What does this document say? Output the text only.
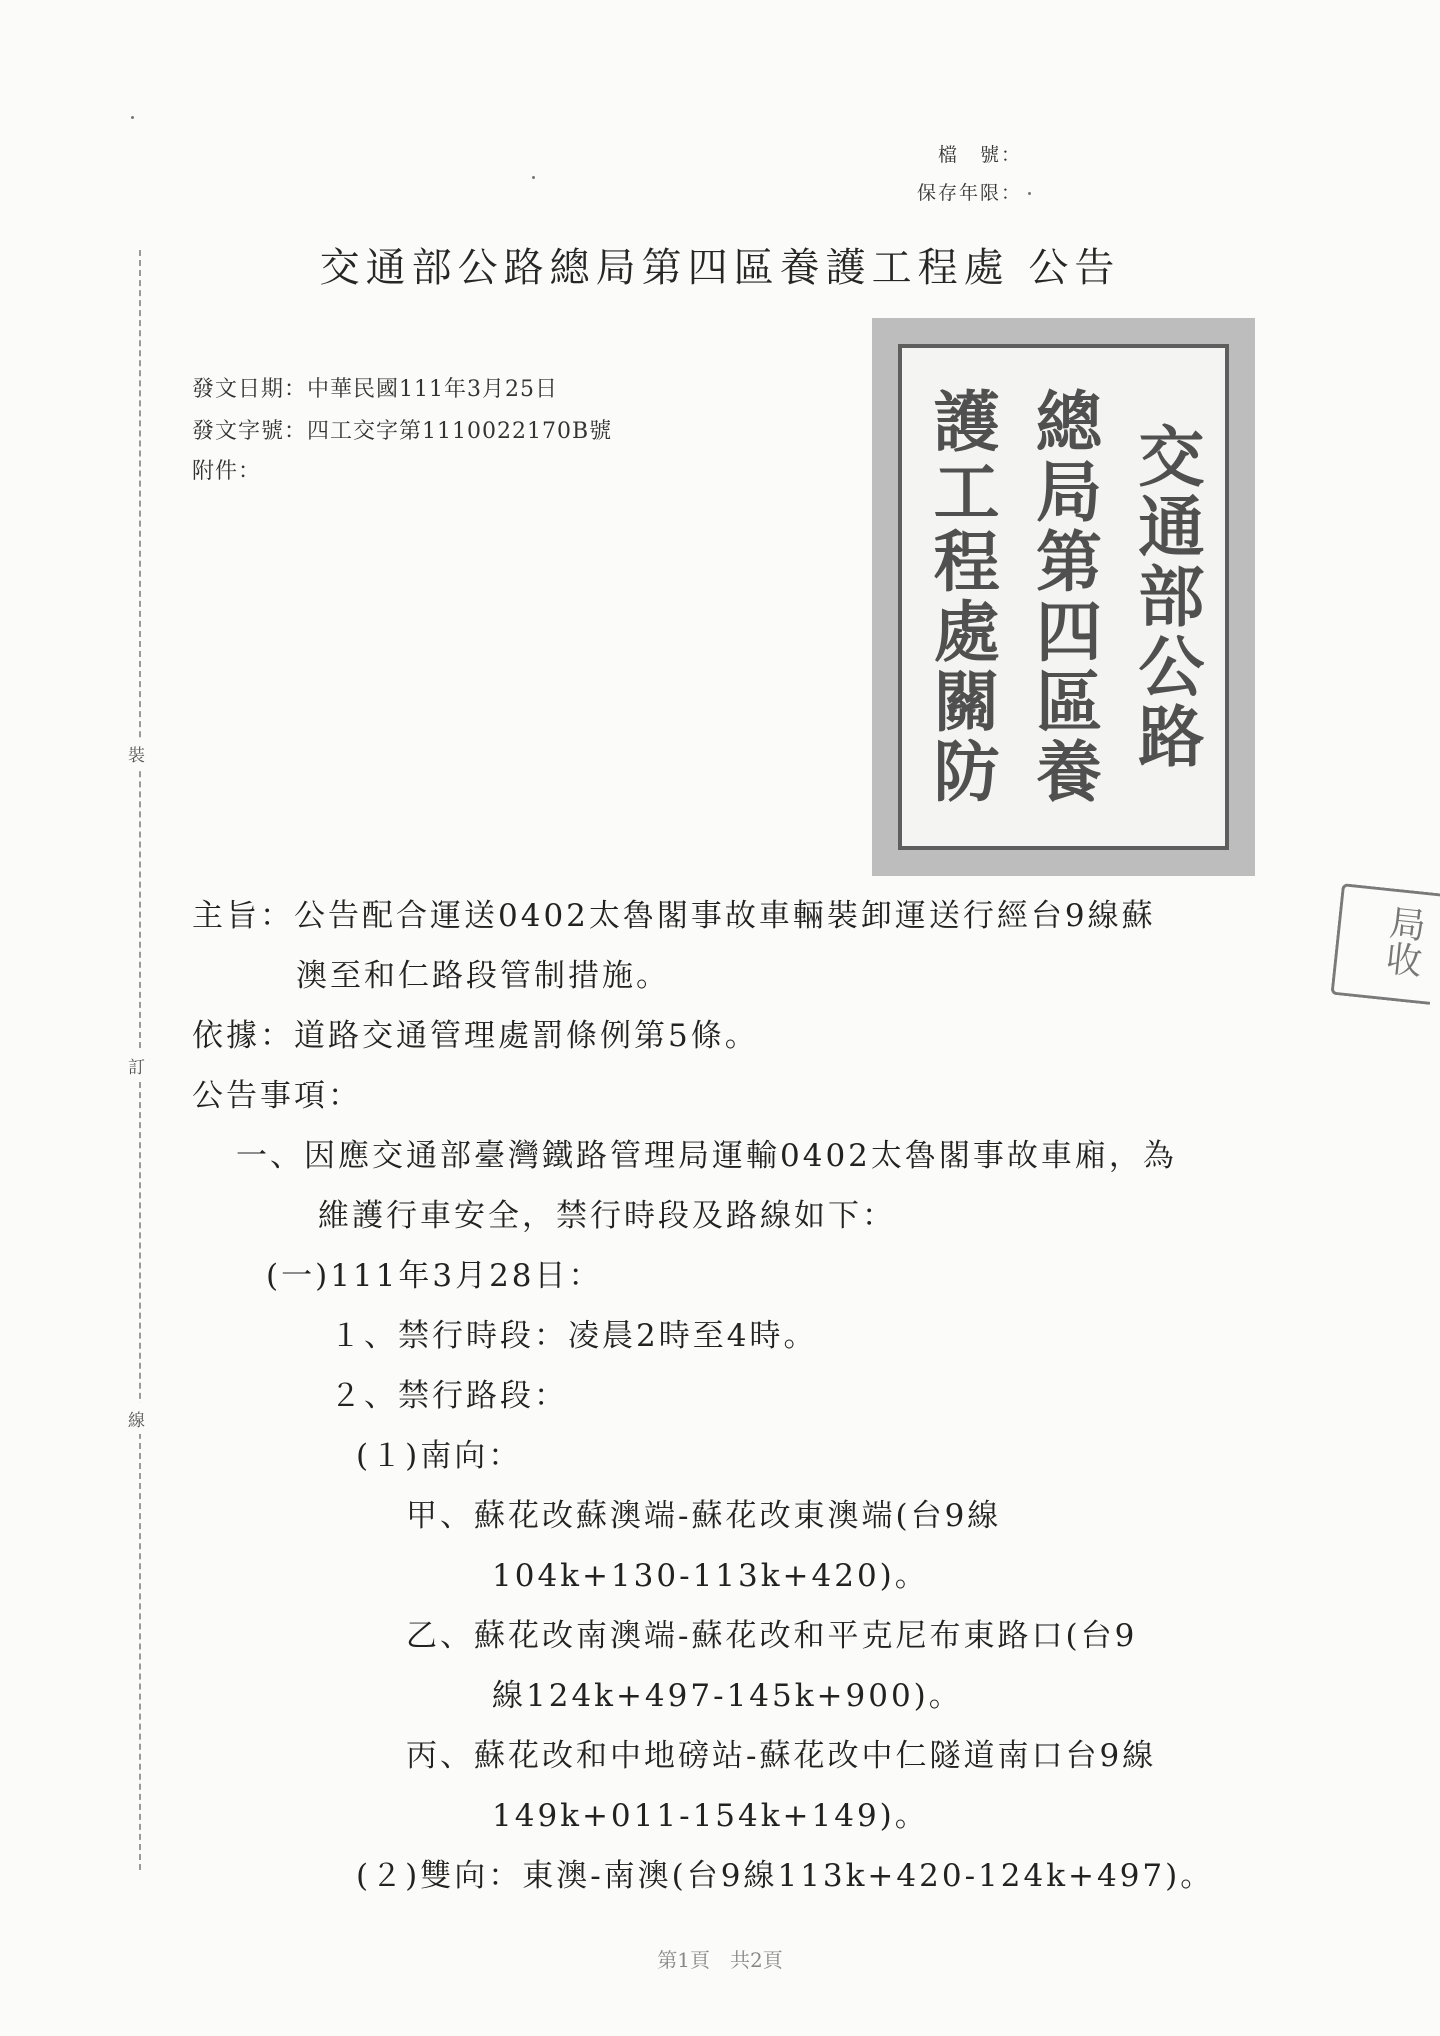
裝
訂
線
檔　號：
保存年限：
交通部公路總局第四區養護工程處 公告
發文日期：中華民國111年3月25日
發文字號：四工交字第1110022170B號
附件：	交通部公路
總局第四區養
護工程處關防
局收
主旨：公告配合運送0402太魯閣事故車輛裝卸運送行經台9線蘇
澳至和仁路段管制措施。
依據：道路交通管理處罰條例第5條。
公告事項：
一、因應交通部臺灣鐵路管理局運輸0402太魯閣事故車廂，為
維護行車安全，禁行時段及路線如下：
(一)111年3月28日：
１、禁行時段：凌晨2時至4時。
２、禁行路段：
(１)南向：
甲、蘇花改蘇澳端-蘇花改東澳端(台9線
104k+130-113k+420)。
乙、蘇花改南澳端-蘇花改和平克尼布東路口(台9
線124k+497-145k+900)。
丙、蘇花改和中地磅站-蘇花改中仁隧道南口台9線
149k+011-154k+149)。
(２)雙向：東澳-南澳(台9線113k+420-124k+497)。
第1頁　共2頁
